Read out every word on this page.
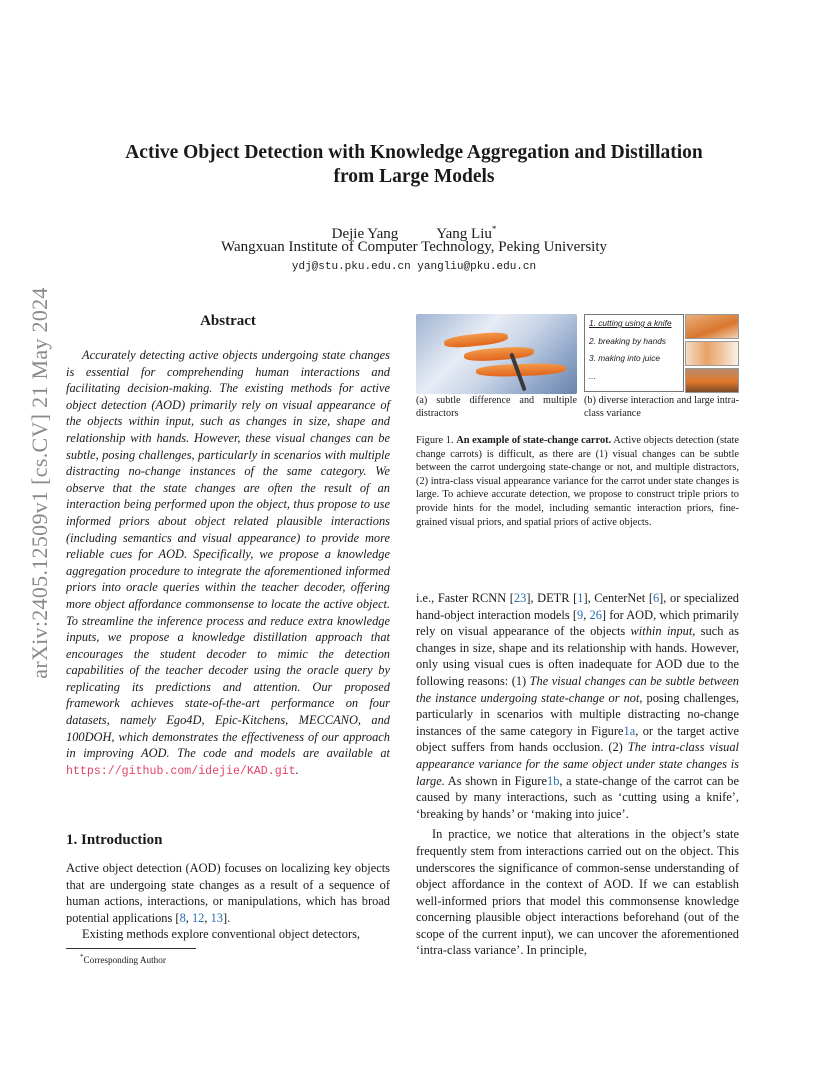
Active Object Detection with Knowledge Aggregation and Distillation
from Large Models
Dejie Yang	Yang Liu*
Wangxuan Institute of Computer Technology, Peking University
ydj@stu.pku.edu.cn yangliu@pku.edu.cn
arXiv:2405.12509v1 [cs.CV] 21 May 2024	Abstract
Accurately detecting active objects undergoing state changes is essential for comprehending human interactions and facilitating decision-making. The existing methods for active object detection (AOD) primarily rely on visual appearance of the objects within input, such as changes in size, shape and relationship with hands. However, these visual changes can be subtle, posing challenges, particularly in scenarios with multiple distracting no-change instances of the same category. We observe that the state changes are often the result of an interaction being performed upon the object, thus propose to use informed priors about object related plausible interactions (including semantics and visual appearance) to provide more reliable cues for AOD. Specifically, we propose a knowledge aggregation procedure to integrate the aforementioned informed priors into oracle queries within the teacher decoder, offering more object affordance commonsense to locate the active object. To streamline the inference process and reduce extra knowledge inputs, we propose a knowledge distillation approach that encourages the student decoder to mimic the detection capabilities of the teacher decoder using the oracle query by replicating its predictions and attention. Our proposed framework achieves state-of-the-art performance on four datasets, namely Ego4D, Epic-Kitchens, MECCANO, and 100DOH, which demonstrates the effectiveness of our approach in improving AOD. The code and models are available at https://github.com/idejie/KAD.git.
1. Introduction

Active object detection (AOD) focuses on localizing key objects that are undergoing state changes as a result of a sequence of human actions, interactions, or manipulations, which has broad potential applications [8, 12, 13].

Existing methods explore conventional object detectors,

*Corresponding Author
1. cutting using a knife
2. breaking by hands
3. making into juice
...
(a) subtle difference and multiple distractors
(b) diverse interaction and large intra-class variance
Figure 1. An example of state-change carrot. Active objects detection (state change carrots) is difficult, as there are (1) visual changes can be subtle between the carrot undergoing state-change or not, and multiple distractors, (2) intra-class visual appearance variance for the carrot under state changes is large. To achieve accurate detection, we propose to construct triple priors to provide hints for the model, including semantic interaction priors, fine-grained visual priors, and spatial priors of active objects.

i.e., Faster RCNN [23], DETR [1], CenterNet [6], or specialized hand-object interaction models [9, 26] for AOD, which primarily rely on visual appearance of the objects within input, such as changes in size, shape and its relationship with hands. However, only using visual cues is often inadequate for AOD due to the following reasons: (1) The visual changes can be subtle between the instance undergoing state-change or not, posing challenges, particularly in scenarios with multiple distracting no-change instances of the same category in Figure1a, or the target active object suffers from hands occlusion. (2) The intra-class visual appearance variance for the same object under state changes is large. As shown in Figure1b, a state-change of the carrot can be caused by many interactions, such as ‘cutting using a knife’, ‘breaking by hands’ or ‘making into juice’.

In practice, we notice that alterations in the object’s state frequently stem from interactions carried out on the object. This underscores the significance of common-sense understanding of object affordance in the context of AOD. If we can establish well-informed priors that model this commonsense knowledge concerning plausible object interactions beforehand (out of the scope of the current input), we can uncover the aforementioned ‘intra-class variance’. In principle,
